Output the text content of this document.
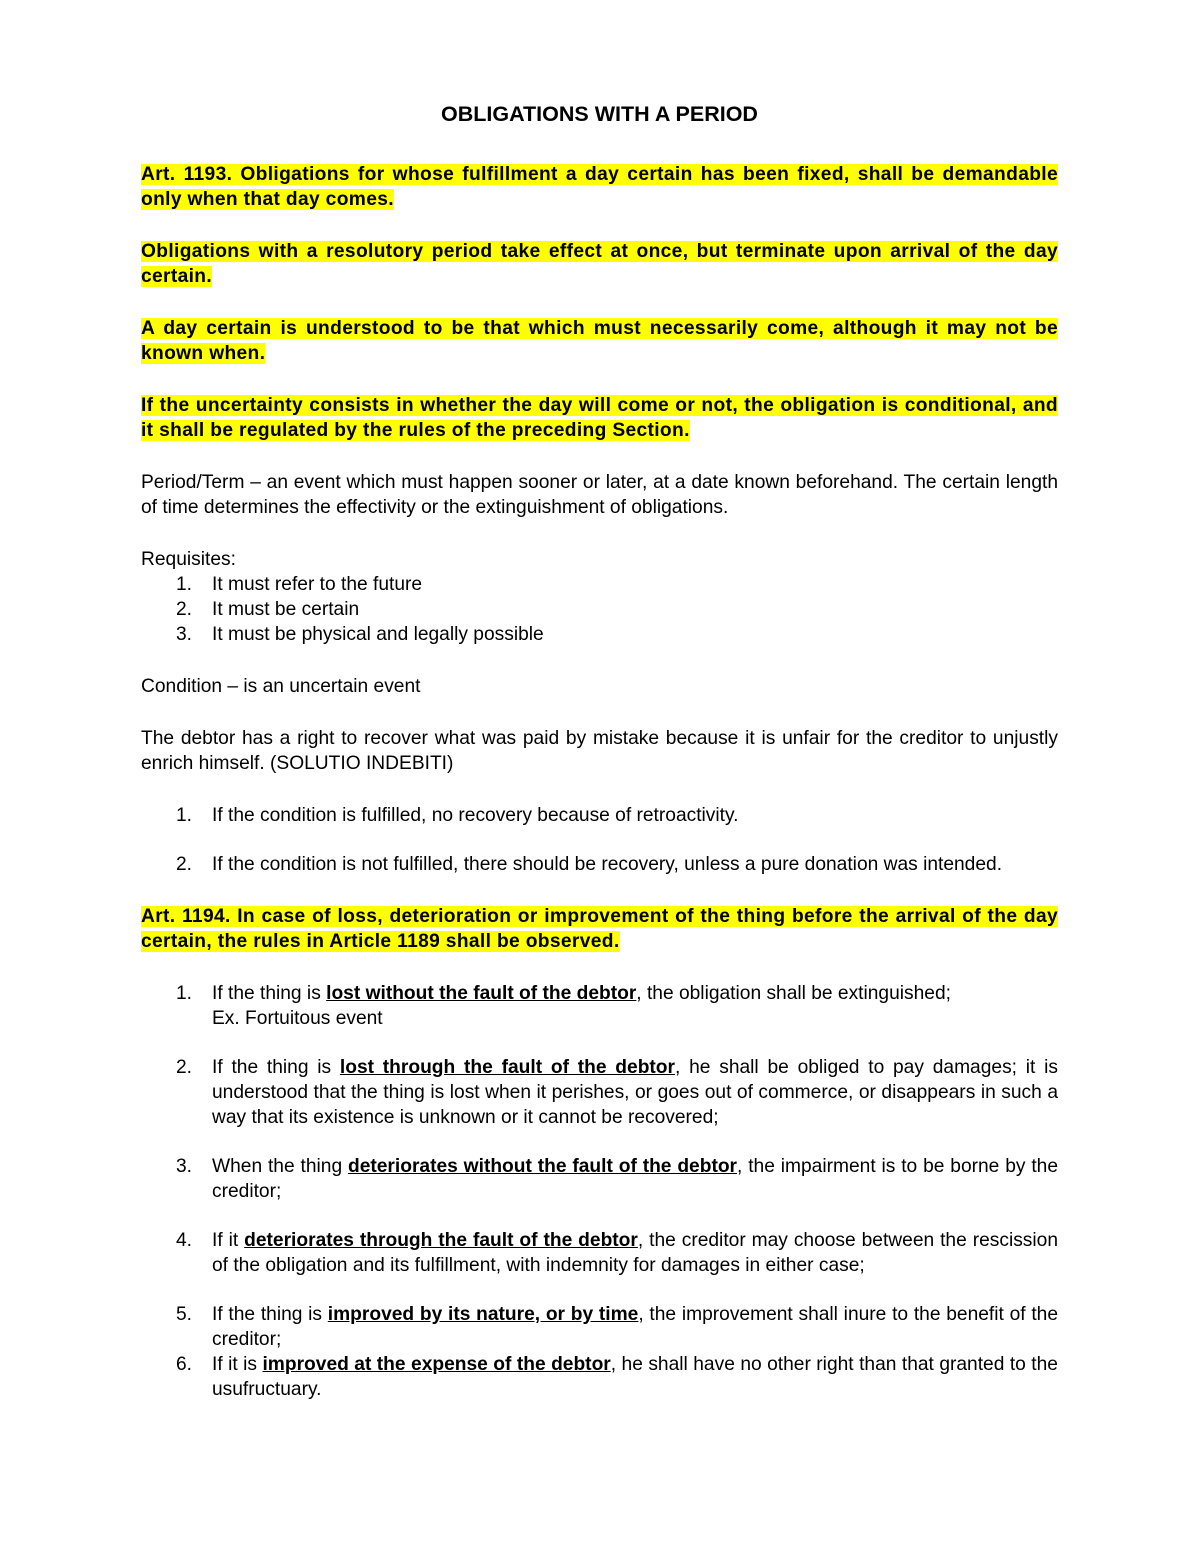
OBLIGATIONS WITH A PERIOD

Art. 1193. Obligations for whose fulfillment a day certain has been fixed, shall be demandable only when that day comes.

Obligations with a resolutory period take effect at once, but terminate upon arrival of the day certain.

A day certain is understood to be that which must necessarily come, although it may not be known when.

If the uncertainty consists in whether the day will come or not, the obligation is conditional, and it shall be regulated by the rules of the preceding Section.

Period/Term – an event which must happen sooner or later, at a date known beforehand. The certain length of time determines the effectivity or the extinguishment of obligations.

Requisites:
1. It must refer to the future
2. It must be certain
3. It must be physical and legally possible

Condition – is an uncertain event

The debtor has a right to recover what was paid by mistake because it is unfair for the creditor to unjustly enrich himself. (SOLUTIO INDEBITI)

1. If the condition is fulfilled, no recovery because of retroactivity.
2. If the condition is not fulfilled, there should be recovery, unless a pure donation was intended.

Art. 1194. In case of loss, deterioration or improvement of the thing before the arrival of the day certain, the rules in Article 1189 shall be observed.

1. If the thing is lost without the fault of the debtor, the obligation shall be extinguished;
Ex. Fortuitous event
2. If the thing is lost through the fault of the debtor, he shall be obliged to pay damages; it is understood that the thing is lost when it perishes, or goes out of commerce, or disappears in such a way that its existence is unknown or it cannot be recovered;
3. When the thing deteriorates without the fault of the debtor, the impairment is to be borne by the creditor;
4. If it deteriorates through the fault of the debtor, the creditor may choose between the rescission of the obligation and its fulfillment, with indemnity for damages in either case;
5. If the thing is improved by its nature, or by time, the improvement shall inure to the benefit of the creditor;
6. If it is improved at the expense of the debtor, he shall have no other right than that granted to the usufructuary.
